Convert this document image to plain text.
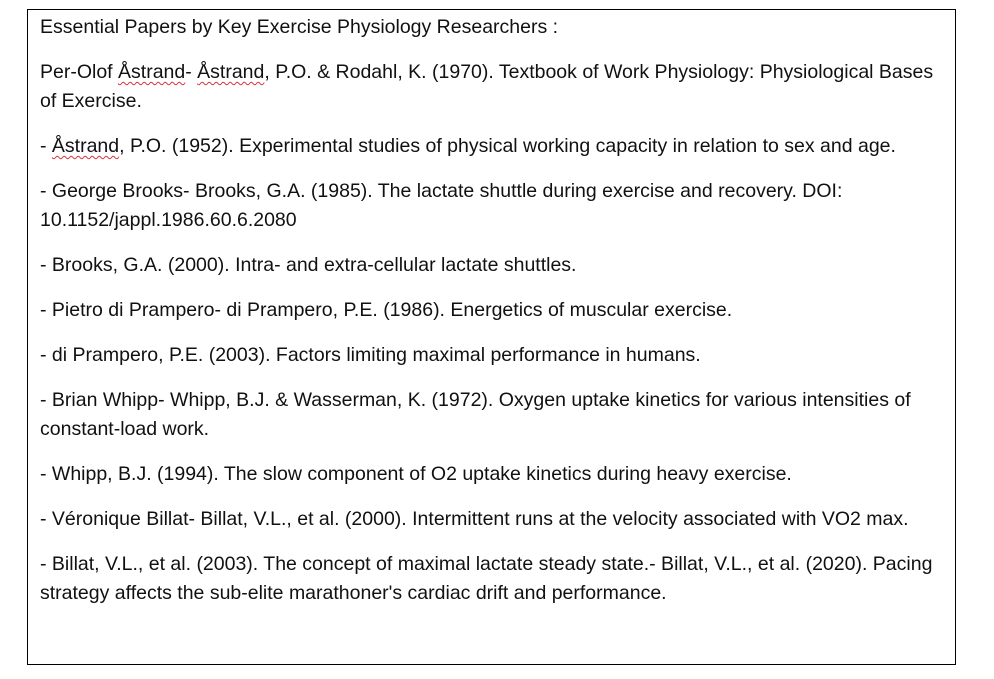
Essential Papers by Key Exercise Physiology Researchers :

Per-Olof Åstrand- Åstrand, P.O. & Rodahl, K. (1970). Textbook of Work Physiology: Physiological Bases of Exercise.

- Åstrand, P.O. (1952). Experimental studies of physical working capacity in relation to sex and age.

- George Brooks- Brooks, G.A. (1985). The lactate shuttle during exercise and recovery. DOI: 10.1152/jappl.1986.60.6.2080

- Brooks, G.A. (2000). Intra- and extra-cellular lactate shuttles.

- Pietro di Prampero- di Prampero, P.E. (1986). Energetics of muscular exercise.

- di Prampero, P.E. (2003). Factors limiting maximal performance in humans.

- Brian Whipp- Whipp, B.J. & Wasserman, K. (1972). Oxygen uptake kinetics for various intensities of constant-load work.

- Whipp, B.J. (1994). The slow component of O2 uptake kinetics during heavy exercise.

- Véronique Billat- Billat, V.L., et al. (2000). Intermittent runs at the velocity associated with VO2 max.

- Billat, V.L., et al. (2003). The concept of maximal lactate steady state.- Billat, V.L., et al. (2020). Pacing strategy affects the sub-elite marathoner's cardiac drift and performance.
